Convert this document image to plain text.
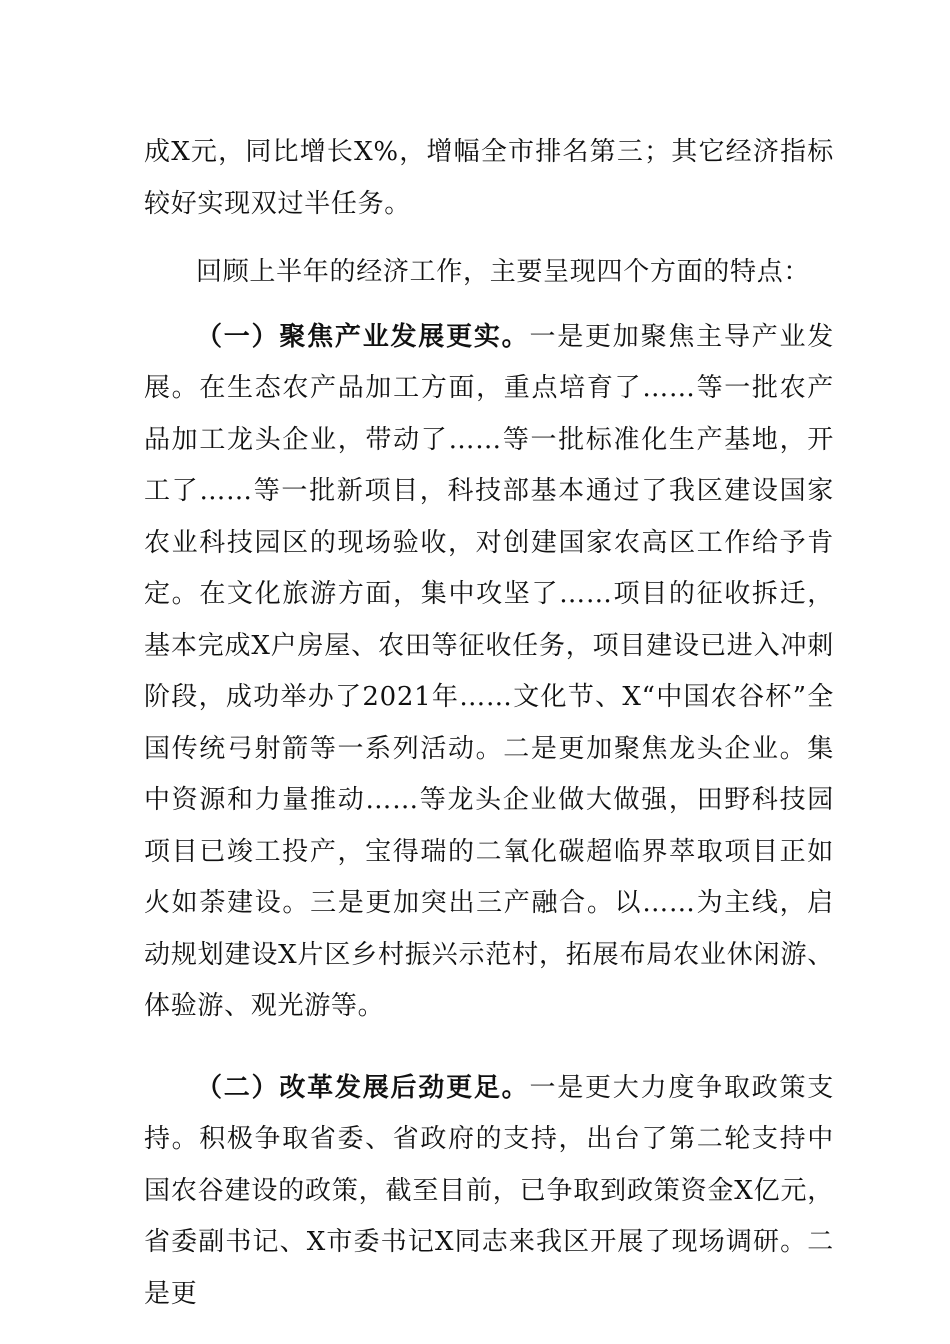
成X元，同比增长X%，增幅全市排名第三；其它经济指标较好实现双过半任务。

回顾上半年的经济工作，主要呈现四个方面的特点：

（一）聚焦产业发展更实。一是更加聚焦主导产业发展。在生态农产品加工方面，重点培育了……等一批农产品加工龙头企业，带动了……等一批标准化生产基地，开工了……等一批新项目，科技部基本通过了我区建设国家农业科技园区的现场验收，对创建国家农高区工作给予肯定。在文化旅游方面，集中攻坚了……项目的征收拆迁，基本完成X户房屋、农田等征收任务，项目建设已进入冲刺阶段，成功举办了2021年……文化节、X“中国农谷杯”全国传统弓射箭等一系列活动。二是更加聚焦龙头企业。集中资源和力量推动……等龙头企业做大做强，田野科技园项目已竣工投产，宝得瑞的二氧化碳超临界萃取项目正如火如荼建设。三是更加突出三产融合。以……为主线，启动规划建设X片区乡村振兴示范村，拓展布局农业休闲游、体验游、观光游等。

（二）改革发展后劲更足。一是更大力度争取政策支持。积极争取省委、省政府的支持，出台了第二轮支持中国农谷建设的政策，截至目前，已争取到政策资金X亿元，省委副书记、X市委书记X同志来我区开展了现场调研。二是更
